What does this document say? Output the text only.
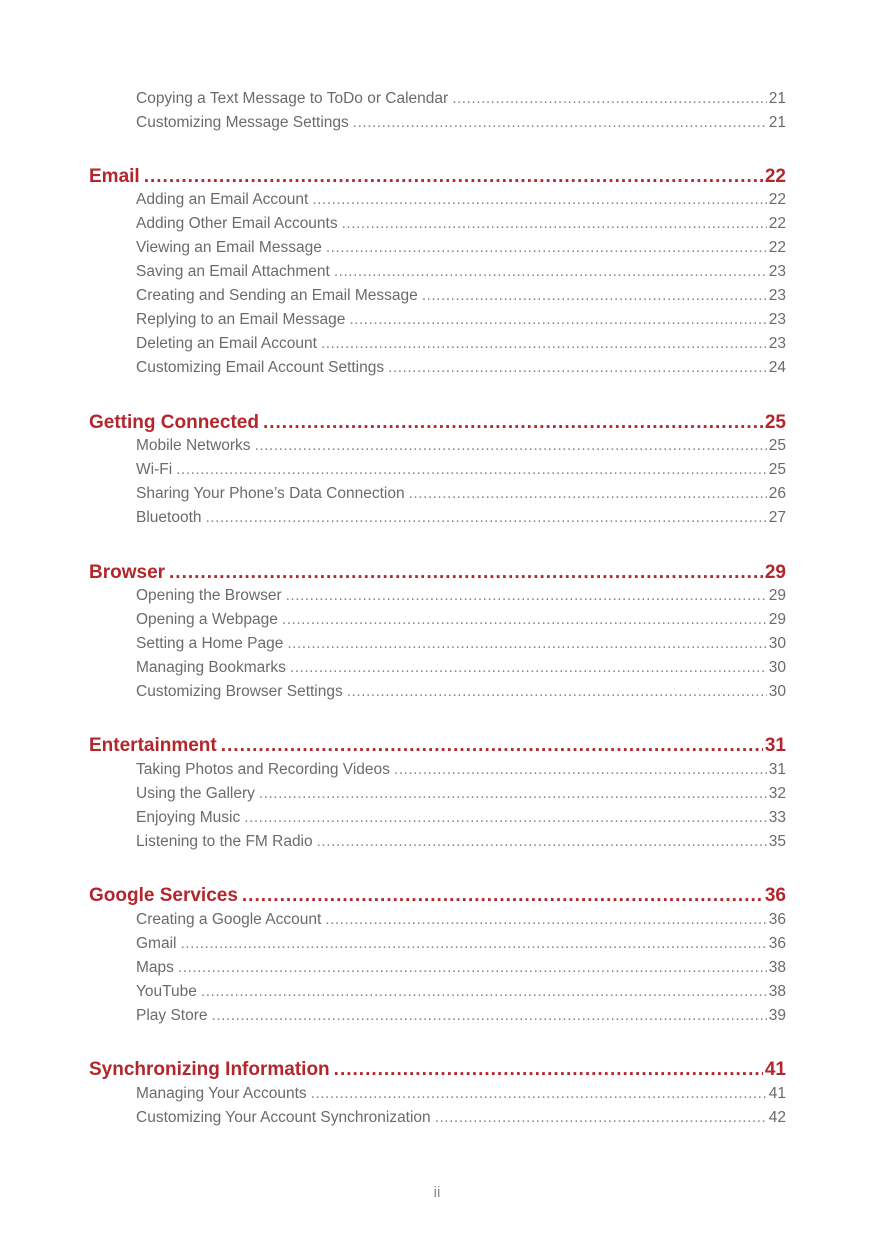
Copying a Text Message to ToDo or Calendar .....	21
Customizing Message Settings .....	21
Email .....	22
Adding an Email Account .....	22
Adding Other Email Accounts .....	22
Viewing an Email Message .....	22
Saving an Email Attachment .....	23
Creating and Sending an Email Message .....	23
Replying to an Email Message .....	23
Deleting an Email Account .....	23
Customizing Email Account Settings .....	24
Getting Connected .....	25
Mobile Networks .....	25
Wi-Fi .....	25
Sharing Your Phone’s Data Connection .....	26
Bluetooth .....	27
Browser .....	29
Opening the Browser .....	29
Opening a Webpage .....	29
Setting a Home Page .....	30
Managing Bookmarks .....	30
Customizing Browser Settings .....	30
Entertainment .....	31
Taking Photos and Recording Videos .....	31
Using the Gallery .....	32
Enjoying Music .....	33
Listening to the FM Radio .....	35
Google Services .....	36
Creating a Google Account .....	36
Gmail .....	36
Maps .....	38
YouTube .....	38
Play Store .....	39
Synchronizing Information .....	41
Managing Your Accounts .....	41
Customizing Your Account Synchronization .....	42
ii
